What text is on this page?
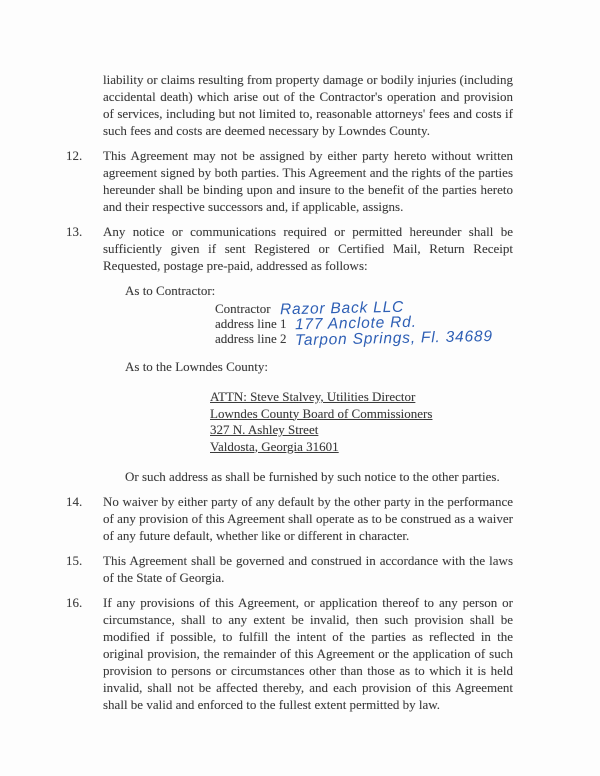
liability or claims resulting from property damage or bodily injuries (including accidental death) which arise out of the Contractor's operation and provision of services, including but not limited to, reasonable attorneys' fees and costs if such fees and costs are deemed necessary by Lowndes County.

12.	This Agreement may not be assigned by either party hereto without written agreement signed by both parties. This Agreement and the rights of the parties hereunder shall be binding upon and insure to the benefit of the parties hereto and their respective successors and, if applicable, assigns.
13.	Any notice or communications required or permitted hereunder shall be sufficiently given if sent Registered or Certified Mail, Return Receipt Requested, postage pre-paid, addressed as follows:
As to Contractor:
Contractor Razor Back LLC
address line 1 177 Anclote Rd.
address line 2 Tarpon Springs, Fl. 34689
As to the Lowndes County:
ATTN: Steve Stalvey, Utilities Director
Lowndes County Board of Commissioners
327 N. Ashley Street
Valdosta, Georgia 31601

Or such address as shall be furnished by such notice to the other parties.

14.	No waiver by either party of any default by the other party in the performance of any provision of this Agreement shall operate as to be construed as a waiver of any future default, whether like or different in character.
15.	This Agreement shall be governed and construed in accordance with the laws of the State of Georgia.
16.	If any provisions of this Agreement, or application thereof to any person or circumstance, shall to any extent be invalid, then such provision shall be modified if possible, to fulfill the intent of the parties as reflected in the original provision, the remainder of this Agreement or the application of such provision to persons or circumstances other than those as to which it is held invalid, shall not be affected thereby, and each provision of this Agreement shall be valid and enforced to the fullest extent permitted by law.
